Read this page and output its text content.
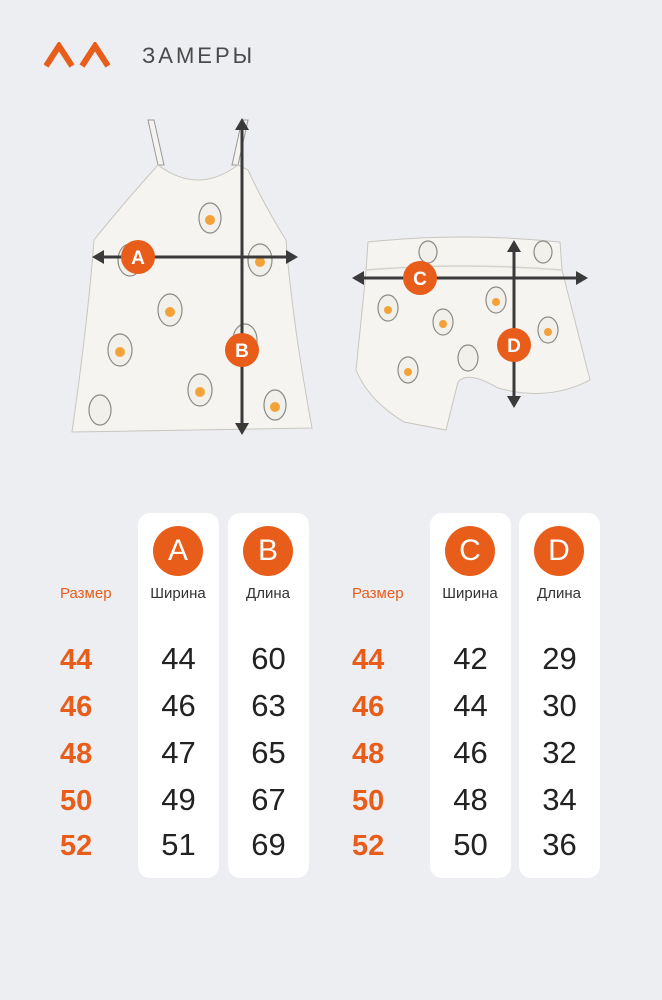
ЗАМЕРЫ
A
B
C
D
Размер
44
46
48
50
52
A
Ширина
44
46
47
49
51
B
Длина
60
63
65
67
69
Размер
44
46
48
50
52
C
Ширина
42
44
46
48
50
D
Длина
29
30
32
34
36
